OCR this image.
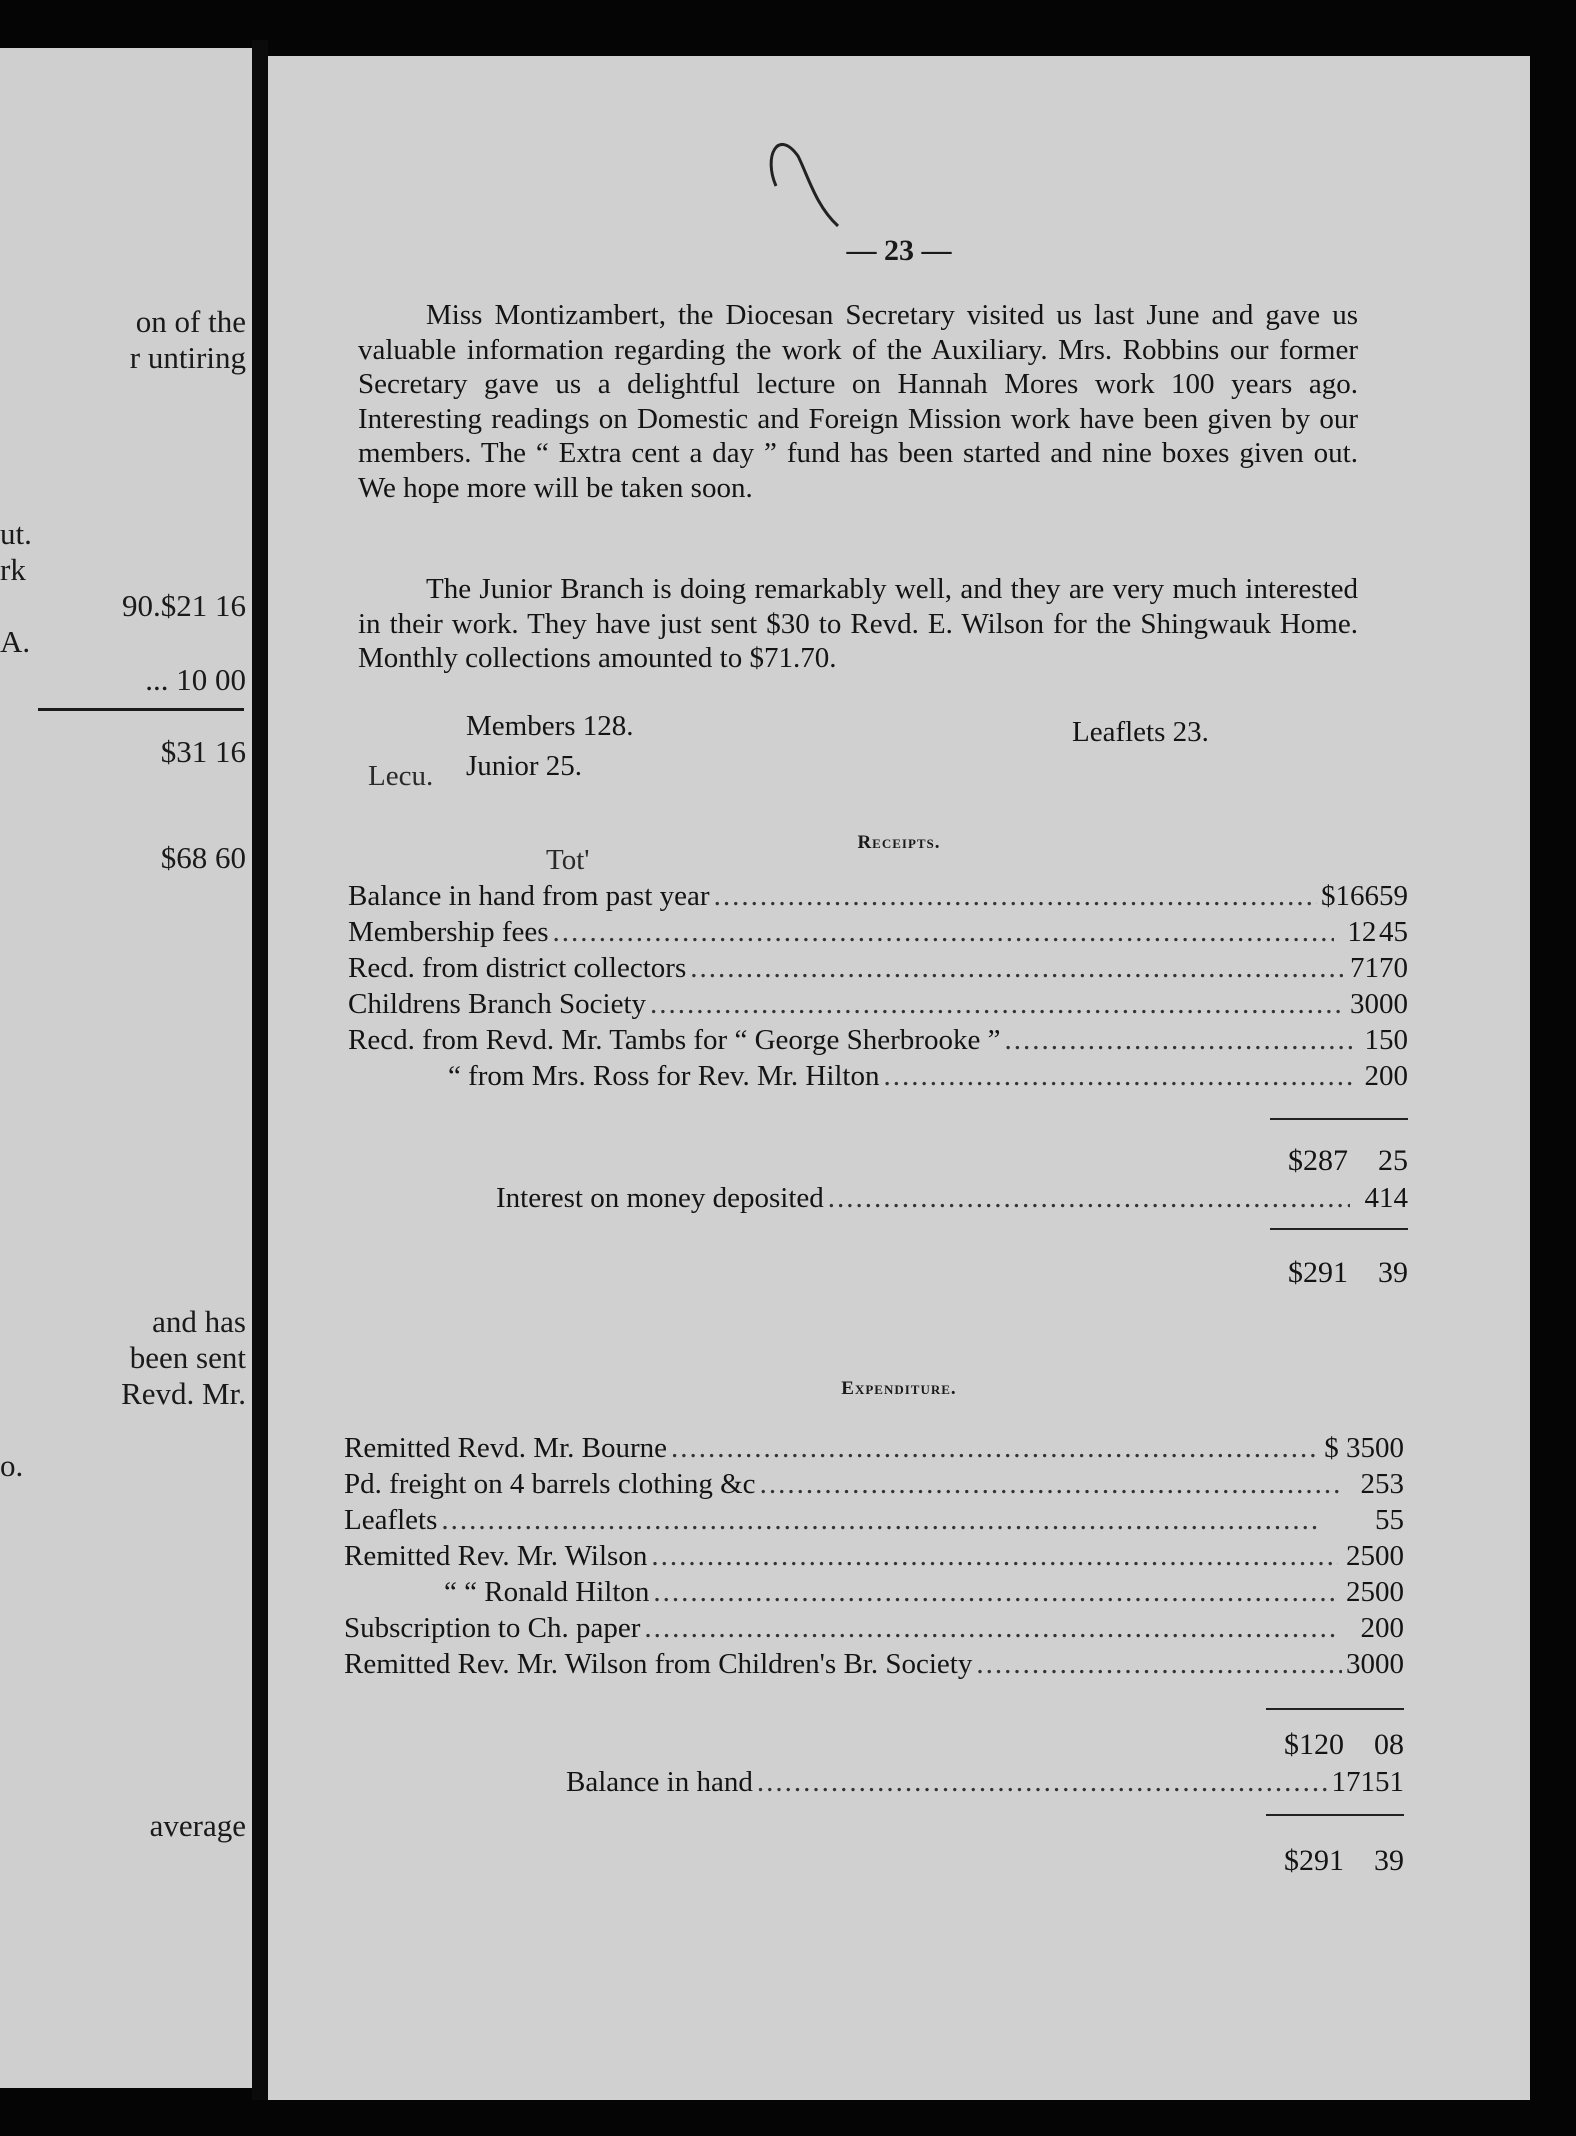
on of the
r untiring
ut.
rk
90.$21 16
A.
... 10 00
$31 16
$68 60
and has
been sent
Revd. Mr.
o.
average
— 23 —
Miss Montizambert, the Diocesan Secretary visited us last June and gave us valuable information regarding the work of the Auxiliary. Mrs. Robbins our former Secretary gave us a delightful lecture on Hannah Mores work 100 years ago. Interesting readings on Domestic and Foreign Mission work have been given by our members. The “ Extra cent a day ” fund has been started and nine boxes given out. We hope more will be taken soon.
The Junior Branch is doing remarkably well, and they are very much interested in their work. They have just sent $30 to Revd. E. Wilson for the Shingwauk Home. Monthly collections amounted to $71.70.
Members 128.	Leaflets 23.
Lecu. Junior 25.
Tot'
Receipts.
Balance in hand from past year .....	$166 59
Membership fees .....	12 45
Recd. from district collectors .....	71 70
Childrens Branch Society .....	30 00
Recd. from Revd. Mr. Tambs for “ George Sherbrooke ” .....	1 50
“ from Mrs. Ross for Rev. Mr. Hilton .....	2 00
$287	25
Interest on money deposited .....	4 14
$291	39
Expenditure.
Remitted Revd. Mr. Bourne .....	$ 35 00
Pd. freight on 4 barrels clothing &c .....	2 53
Leaflets .....	55
Remitted Rev. Mr. Wilson .....	25 00
“ “ Ronald Hilton .....	25 00
Subscription to Ch. paper .....	2 00
Remitted Rev. Mr. Wilson from Children's Br. Society .....	30 00
$120	08
Balance in hand .....	171 51
$291	39
